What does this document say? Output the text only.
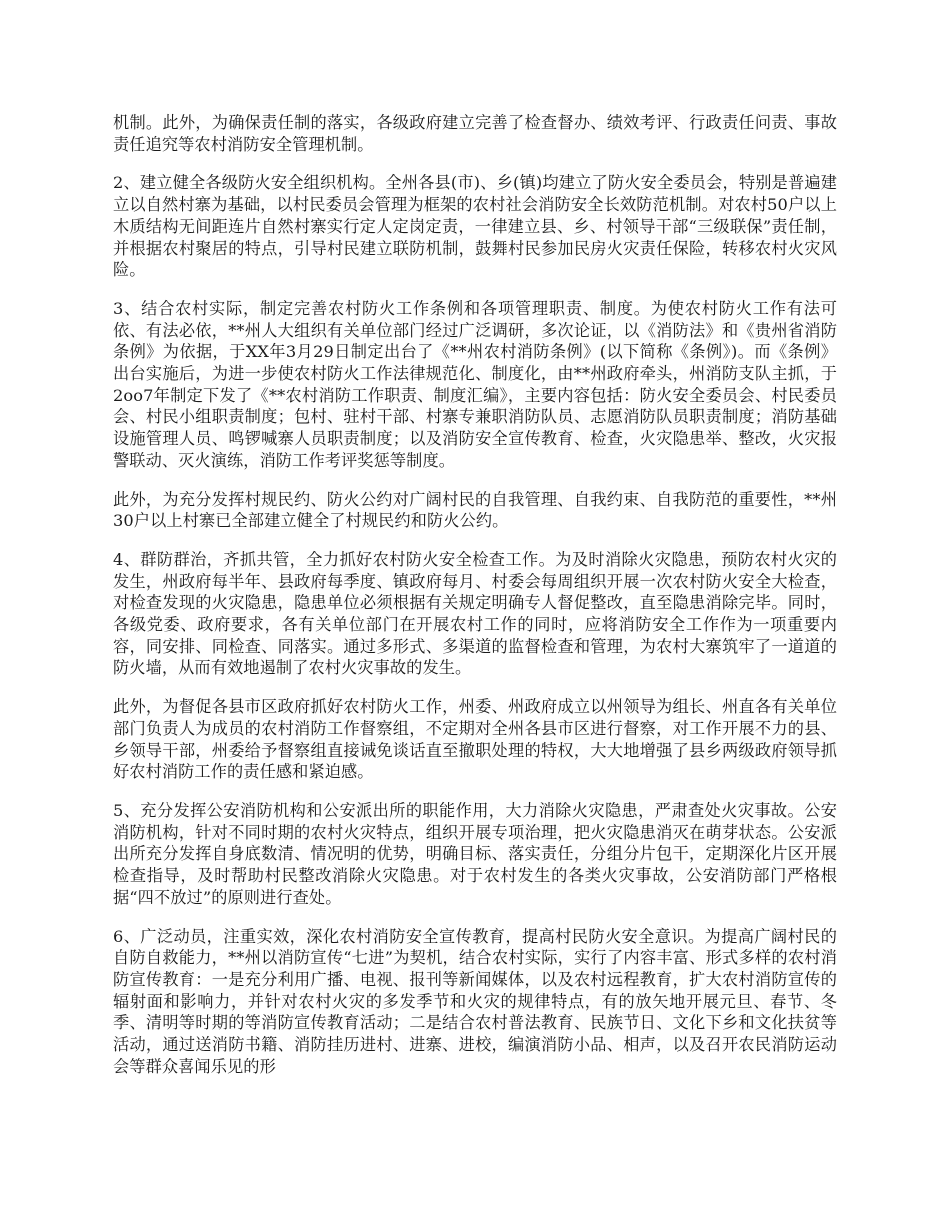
机制。此外，为确保责任制的落实，各级政府建立完善了检查督办、绩效考评、行政责任问责、事故责任追究等农村消防安全管理机制。

2、建立健全各级防火安全组织机构。全州各县(市)、乡(镇)均建立了防火安全委员会，特别是普遍建立以自然村寨为基础，以村民委员会管理为框架的农村社会消防安全长效防范机制。对农村50户以上木质结构无间距连片自然村寨实行定人定岗定责，一律建立县、乡、村领导干部“三级联保”责任制，并根据农村聚居的特点，引导村民建立联防机制，鼓舞村民参加民房火灾责任保险，转移农村火灾风险。

3、结合农村实际，制定完善农村防火工作条例和各项管理职责、制度。为使农村防火工作有法可依、有法必依，**州人大组织有关单位部门经过广泛调研，多次论证，以《消防法》和《贵州省消防条例》为依据，于XX年3月29日制定出台了《**州农村消防条例》(以下简称《条例》)。而《条例》出台实施后，为进一步使农村防火工作法律规范化、制度化，由**州政府牵头，州消防支队主抓，于2oo7年制定下发了《**农村消防工作职责、制度汇编》，主要内容包括：防火安全委员会、村民委员会、村民小组职责制度；包村、驻村干部、村寨专兼职消防队员、志愿消防队员职责制度；消防基础设施管理人员、鸣锣喊寨人员职责制度；以及消防安全宣传教育、检查，火灾隐患举、整改，火灾报警联动、灭火演练，消防工作考评奖惩等制度。

此外，为充分发挥村规民约、防火公约对广阔村民的自我管理、自我约束、自我防范的重要性，**州30户以上村寨已全部建立健全了村规民约和防火公约。

4、群防群治，齐抓共管，全力抓好农村防火安全检查工作。为及时消除火灾隐患，预防农村火灾的发生，州政府每半年、县政府每季度、镇政府每月、村委会每周组织开展一次农村防火安全大检查，对检查发现的火灾隐患，隐患单位必须根据有关规定明确专人督促整改，直至隐患消除完毕。同时，各级党委、政府要求，各有关单位部门在开展农村工作的同时，应将消防安全工作作为一项重要内容，同安排、同检查、同落实。通过多形式、多渠道的监督检查和管理，为农村大寨筑牢了一道道的防火墙，从而有效地遏制了农村火灾事故的发生。

此外，为督促各县市区政府抓好农村防火工作，州委、州政府成立以州领导为组长、州直各有关单位部门负责人为成员的农村消防工作督察组，不定期对全州各县市区进行督察，对工作开展不力的县、乡领导干部，州委给予督察组直接诫免谈话直至撤职处理的特权，大大地增强了县乡两级政府领导抓好农村消防工作的责任感和紧迫感。

5、充分发挥公安消防机构和公安派出所的职能作用，大力消除火灾隐患，严肃查处火灾事故。公安消防机构，针对不同时期的农村火灾特点，组织开展专项治理，把火灾隐患消灭在萌芽状态。公安派出所充分发挥自身底数清、情况明的优势，明确目标、落实责任，分组分片包干，定期深化片区开展检查指导，及时帮助村民整改消除火灾隐患。对于农村发生的各类火灾事故，公安消防部门严格根据“四不放过”的原则进行查处。

6、广泛动员，注重实效，深化农村消防安全宣传教育，提高村民防火安全意识。为提高广阔村民的自防自救能力，**州以消防宣传“七进”为契机，结合农村实际，实行了内容丰富、形式多样的农村消防宣传教育：一是充分利用广播、电视、报刊等新闻媒体，以及农村远程教育，扩大农村消防宣传的辐射面和影响力，并针对农村火灾的多发季节和火灾的规律特点，有的放矢地开展元旦、春节、冬季、清明等时期的等消防宣传教育活动；二是结合农村普法教育、民族节日、文化下乡和文化扶贫等活动，通过送消防书籍、消防挂历进村、进寨、进校，编演消防小品、相声，以及召开农民消防运动会等群众喜闻乐见的形
